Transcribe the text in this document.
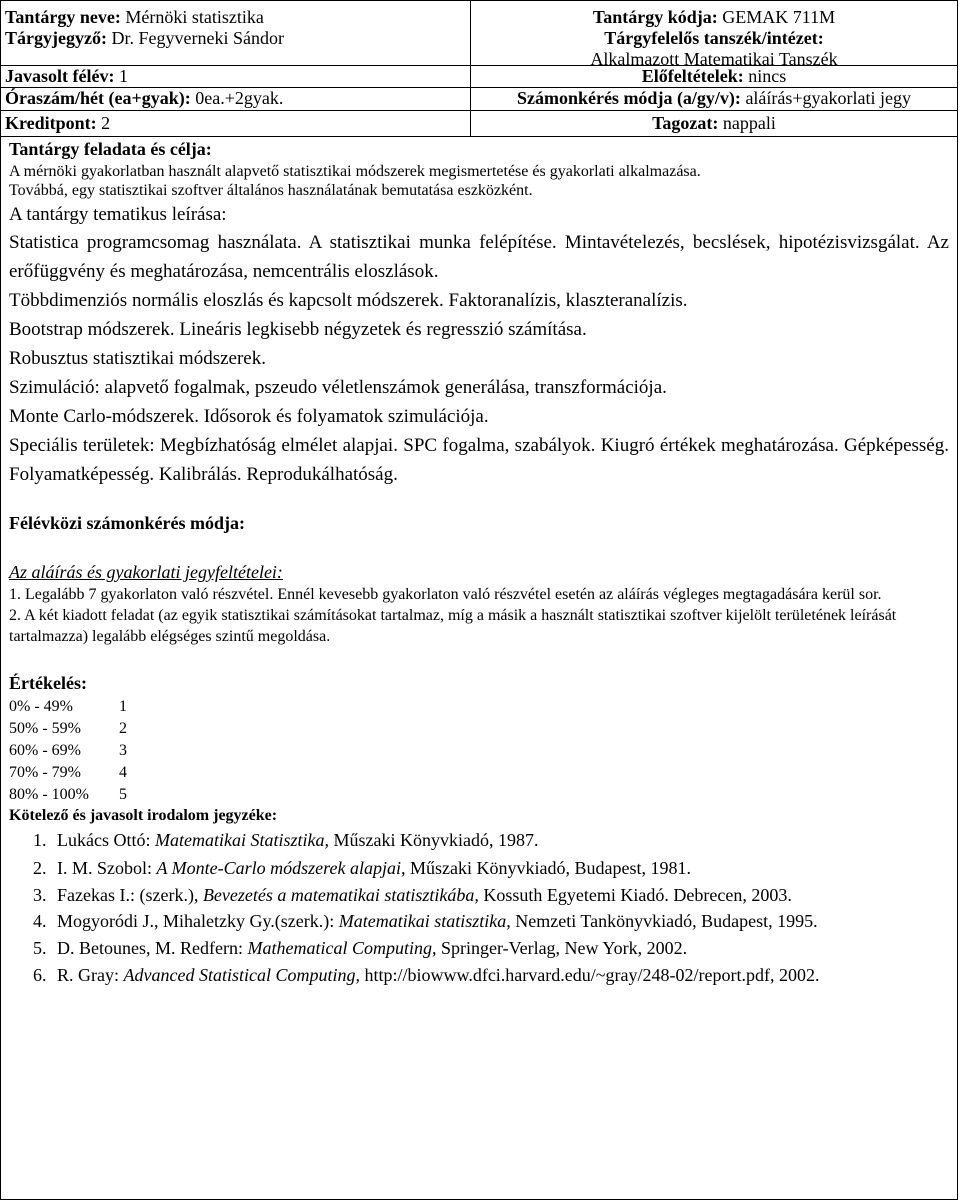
Tantárgy neve: Mérnöki statisztika
Tárgyjegyző: Dr. Fegyverneki Sándor
Tantárgy kódja: GEMAK 711M
Tárgyfelelős tanszék/intézet:
Alkalmazott Matematikai Tanszék
Javasolt félév: 1	Előfeltételek: nincs
Óraszám/hét (ea+gyak): 0ea.+2gyak.	Számonkérés módja (a/gy/v): aláírás+gyakorlati jegy
Kreditpont: 2	Tagozat: nappali
Tantárgy feladata és célja:
A mérnöki gyakorlatban használt alapvető statisztikai módszerek megismertetése és gyakorlati alkalmazása.
Továbbá, egy statisztikai szoftver általános használatának bemutatása eszközként.
A tantárgy tematikus leírása:
Statistica programcsomag használata. A statisztikai munka felépítése. Mintavételezés, becslések, hipotézisvizsgálat. Az erőfüggvény és meghatározása, nemcentrális eloszlások.
Többdimenziós normális eloszlás és kapcsolt módszerek. Faktoranalízis, klaszteranalízis.
Bootstrap módszerek. Lineáris legkisebb négyzetek és regresszió számítása.
Robusztus statisztikai módszerek.
Szimuláció: alapvető fogalmak, pszeudo véletlenszámok generálása, transzformációja.
Monte Carlo-módszerek. Idősorok és folyamatok szimulációja.
Speciális területek: Megbízhatóság elmélet alapjai. SPC fogalma, szabályok. Kiugró értékek meghatározása. Gépképesség. Folyamatképesség. Kalibrálás. Reprodukálhatóság.
Félévközi számonkérés módja:
Az aláírás és gyakorlati jegyfeltételei:
1. Legalább 7 gyakorlaton való részvétel. Ennél kevesebb gyakorlaton való részvétel esetén az aláírás végleges megtagadására kerül sor.
2. A két kiadott feladat (az egyik statisztikai számításokat tartalmaz, míg a másik a használt statisztikai szoftver kijelölt területének leírását tartalmazza) legalább elégséges szintű megoldása.
Értékelés:
0% - 49%	1
50% - 59%	2
60% - 69%	3
70% - 79%	4
80% - 100%	5
Kötelező és javasolt irodalom jegyzéke:
1. Lukács Ottó: Matematikai Statisztika, Műszaki Könyvkiadó, 1987.
2. I. M. Szobol: A Monte-Carlo módszerek alapjai, Műszaki Könyvkiadó, Budapest, 1981.
3. Fazekas I.: (szerk.), Bevezetés a matematikai statisztikába, Kossuth Egyetemi Kiadó. Debrecen, 2003.
4. Mogyoródi J., Mihaletzky Gy.(szerk.): Matematikai statisztika, Nemzeti Tankönyvkiadó, Budapest, 1995.
5. D. Betounes, M. Redfern: Mathematical Computing, Springer-Verlag, New York, 2002.
6. R. Gray: Advanced Statistical Computing, http://biowww.dfci.harvard.edu/~gray/248-02/report.pdf, 2002.
